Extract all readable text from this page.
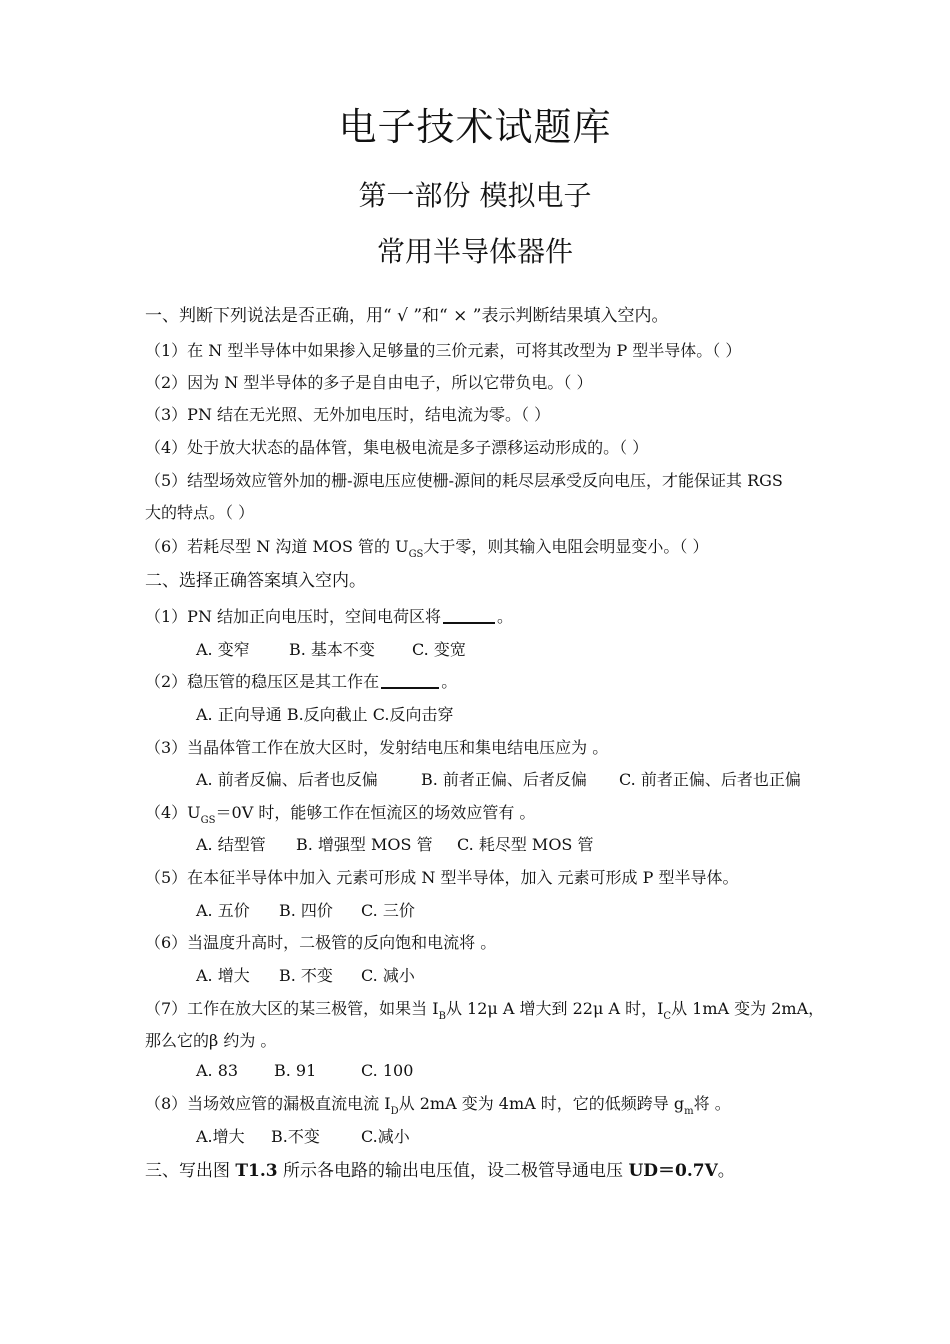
电子技术试题库
第一部份 模拟电子
常用半导体器件
一、判断下列说法是否正确，用“ √ ”和“ × ”表示判断结果填入空内。
（1）在 N 型半导体中如果掺入足够量的三价元素，可将其改型为 P 型半导体。（ ）
（2）因为 N 型半导体的多子是自由电子，所以它带负电。（ ）
（3）PN 结在无光照、无外加电压时，结电流为零。（ ）
（4）处于放大状态的晶体管，集电极电流是多子漂移运动形成的。（ ）
（5）结型场效应管外加的栅-源电压应使栅-源间的耗尽层承受反向电压，才能保证其 RGS
大的特点。（ ）
（6）若耗尽型 N 沟道 MOS 管的 $U_{GS}$大于零，则其输入电阻会明显变小。（ ）
二、选择正确答案填入空内。
（1）PN 结加正向电压时，空间电荷区将	。
A. 变窄 B. 基本不变 C. 变宽
（2）稳压管的稳压区是其工作在	。
A. 正向导通 B.反向截止 C.反向击穿
（3）当晶体管工作在放大区时，发射结电压和集电结电压应为 。
A. 前者反偏、后者也反偏	B. 前者正偏、后者反偏 C. 前者正偏、后者也正偏
$(4)U_{GS}=0V$ 时，能够工作在恒流区的场效应管有 。
A. 结型管 B. 增强型 MOS 管 C. 耗尽型 MOS 管
（5）在本征半导体中加入 元素可形成 N 型半导体，加入 元素可形成 P 型半导体。
A. 五价 B. 四价 C. 三价
（6）当温度升高时，二极管的反向饱和电流将 。
A. 增大 B. 不变 C. 减小
（7）工作在放大区的某三极管，如果当 $I_B$从 12μ A 增大到 22μ A 时，$I_C$从 1mA 变为 2mA，
那么它的β 约为 。
A. 83 B. 91	C. 100
（8）当场效应管的漏极直流电流 $I_D$从 2mA 变为 4mA 时，它的低频跨导 $g_m$将 。
A.增大 B.不变	C.减小
三、写出图 T1.3 所示各电路的输出电压值，设二极管导通电压 UD＝0.7V。
